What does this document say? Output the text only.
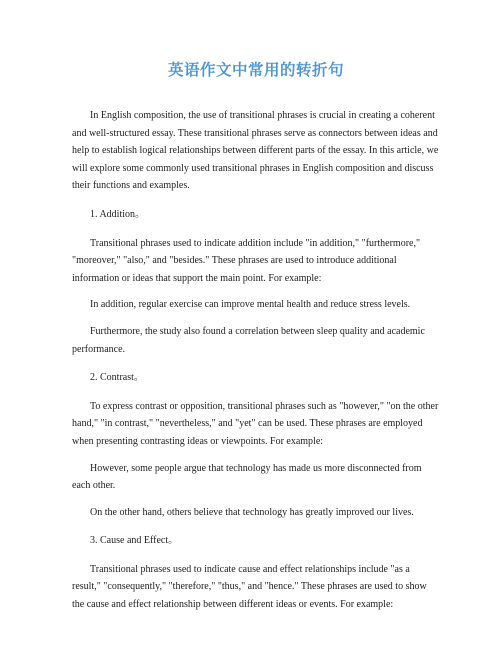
英语作文中常用的转折句

In English composition, the use of transitional phrases is crucial in creating a coherent and well-structured essay. These transitional phrases serve as connectors between ideas and help to establish logical relationships between different parts of the essay. In this article, we will explore some commonly used transitional phrases in English composition and discuss their functions and examples.

1. Addition。

Transitional phrases used to indicate addition include "in addition," "furthermore," "moreover," "also," and "besides." These phrases are used to introduce additional information or ideas that support the main point. For example:

In addition, regular exercise can improve mental health and reduce stress levels.

Furthermore, the study also found a correlation between sleep quality and academic performance.

2. Contrast。

To express contrast or opposition, transitional phrases such as "however," "on the other hand," "in contrast," "nevertheless," and "yet" can be used. These phrases are employed when presenting contrasting ideas or viewpoints. For example:

However, some people argue that technology has made us more disconnected from each other.

On the other hand, others believe that technology has greatly improved our lives.

3. Cause and Effect。

Transitional phrases used to indicate cause and effect relationships include "as a result," "consequently," "therefore," "thus," and "hence." These phrases are used to show the cause and effect relationship between different ideas or events. For example:
